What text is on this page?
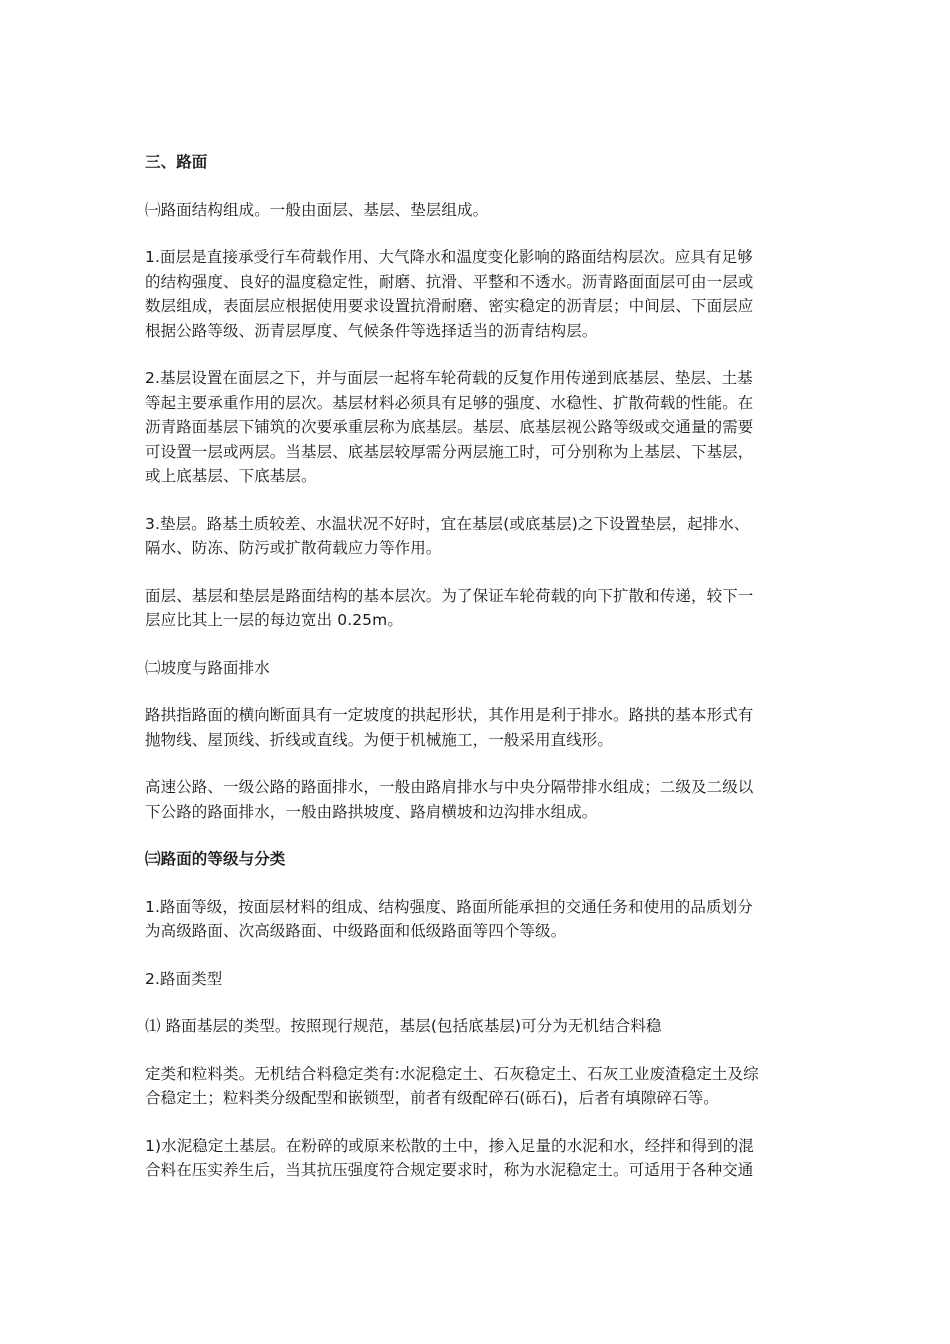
三、路面

㈠路面结构组成。一般由面层、基层、垫层组成。

1.面层是直接承受行车荷载作用、大气降水和温度变化影响的路面结构层次。应具有足够
的结构强度、良好的温度稳定性，耐磨、抗滑、平整和不透水。沥青路面面层可由一层或
数层组成，表面层应根据使用要求设置抗滑耐磨、密实稳定的沥青层；中间层、下面层应
根据公路等级、沥青层厚度、气候条件等选择适当的沥青结构层。

2.基层设置在面层之下，并与面层一起将车轮荷载的反复作用传递到底基层、垫层、土基
等起主要承重作用的层次。基层材料必须具有足够的强度、水稳性、扩散荷载的性能。在
沥青路面基层下铺筑的次要承重层称为底基层。基层、底基层视公路等级或交通量的需要
可设置一层或两层。当基层、底基层较厚需分两层施工时，可分别称为上基层、下基层，
或上底基层、下底基层。

3.垫层。路基土质较差、水温状况不好时，宜在基层(或底基层)之下设置垫层，起排水、
隔水、防冻、防污或扩散荷载应力等作用。

面层、基层和垫层是路面结构的基本层次。为了保证车轮荷载的向下扩散和传递，较下一
层应比其上一层的每边宽出 0.25m。

㈡坡度与路面排水

路拱指路面的横向断面具有一定坡度的拱起形状，其作用是利于排水。路拱的基本形式有
抛物线、屋顶线、折线或直线。为便于机械施工，一般采用直线形。

高速公路、一级公路的路面排水，一般由路肩排水与中央分隔带排水组成；二级及二级以
下公路的路面排水，一般由路拱坡度、路肩横坡和边沟排水组成。

㈢路面的等级与分类

1.路面等级，按面层材料的组成、结构强度、路面所能承担的交通任务和使用的品质划分
为高级路面、次高级路面、中级路面和低级路面等四个等级。

2.路面类型

⑴ 路面基层的类型。按照现行规范，基层(包括底基层)可分为无机结合料稳

定类和粒料类。无机结合料稳定类有:水泥稳定土、石灰稳定土、石灰工业废渣稳定土及综
合稳定土；粒料类分级配型和嵌锁型，前者有级配碎石(砾石)，后者有填隙碎石等。

1)水泥稳定土基层。在粉碎的或原来松散的土中，掺入足量的水泥和水，经拌和得到的混
合料在压实养生后，当其抗压强度符合规定要求时，称为水泥稳定土。可适用于各种交通
